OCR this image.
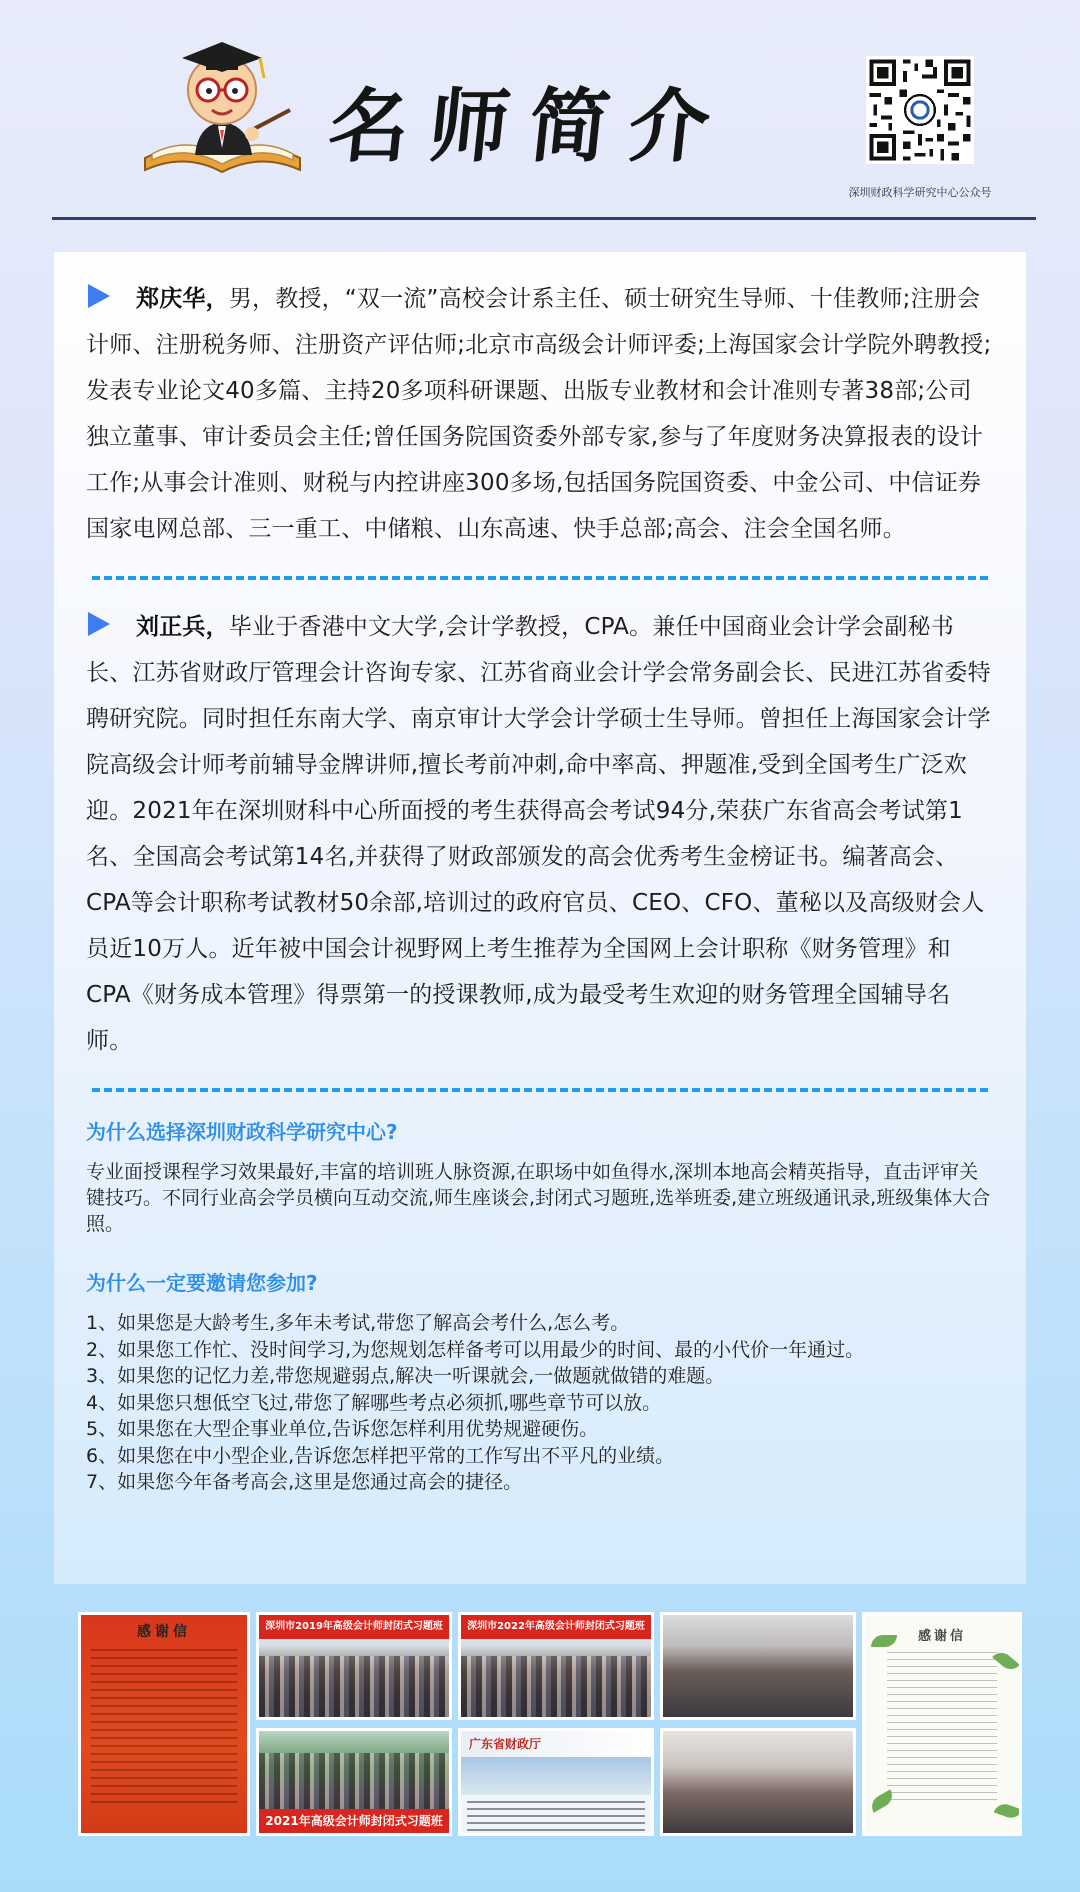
名师简介
深圳财政科学研究中心公众号
郑庆华，男，教授，“双一流”高校会计系主任、硕士研究生导师、十佳教师;注册会计师、注册税务师、注册资产评估师;北京市高级会计师评委;上海国家会计学院外聘教授;发表专业论文40多篇、主持20多项科研课题、出版专业教材和会计准则专著38部;公司独立董事、审计委员会主任;曾任国务院国资委外部专家,参与了年度财务决算报表的设计工作;从事会计准则、财税与内控讲座300多场,包括国务院国资委、中金公司、中信证券国家电网总部、三一重工、中储粮、山东高速、快手总部;高会、注会全国名师。
刘正兵，毕业于香港中文大学,会计学教授，CPA。兼任中国商业会计学会副秘书长、江苏省财政厅管理会计咨询专家、江苏省商业会计学会常务副会长、民进江苏省委特聘研究院。同时担任东南大学、南京审计大学会计学硕士生导师。曾担任上海国家会计学院高级会计师考前辅导金牌讲师,擅长考前冲刺,命中率高、押题准,受到全国考生广泛欢迎。2021年在深圳财科中心所面授的考生获得高会考试94分,荣获广东省高会考试第1名、全国高会考试第14名,并获得了财政部颁发的高会优秀考生金榜证书。编著高会、CPA等会计职称考试教材50余部,培训过的政府官员、CEO、CFO、董秘以及高级财会人员近10万人。近年被中国会计视野网上考生推荐为全国网上会计职称《财务管理》和CPA《财务成本管理》得票第一的授课教师,成为最受考生欢迎的财务管理全国辅导名师。
为什么选择深圳财政科学研究中心?
专业面授课程学习效果最好,丰富的培训班人脉资源,在职场中如鱼得水,深圳本地高会精英指导，直击评审关键技巧。不同行业高会学员横向互动交流,师生座谈会,封闭式习题班,选举班委,建立班级通讯录,班级集体大合照。
为什么一定要邀请您参加?
1、如果您是大龄考生,多年未考试,带您了解高会考什么,怎么考。
2、如果您工作忙、没时间学习,为您规划怎样备考可以用最少的时间、最的小代价一年通过。
3、如果您的记忆力差,带您规避弱点,解决一听课就会,一做题就做错的难题。
4、如果您只想低空飞过,带您了解哪些考点必须抓,哪些章节可以放。
5、如果您在大型企事业单位,告诉您怎样利用优势规避硬伤。
6、如果您在中小型企业,告诉您怎样把平常的工作写出不平凡的业绩。
7、如果您今年备考高会,这里是您通过高会的捷径。
感谢信	深圳市2019年高级会计师封闭式习题班
2021年高级会计师封闭式习题班
深圳市2022年高级会计师封闭式习题班
广东省财政厅
感谢信
